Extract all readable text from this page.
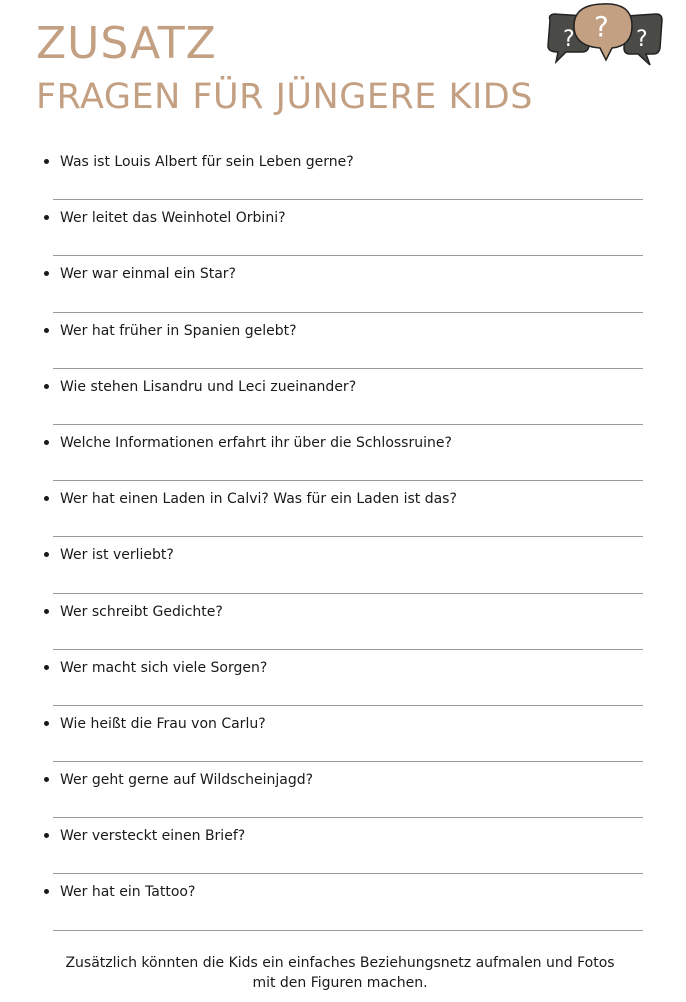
ZUSATZ
FRAGEN FÜR JÜNGERE KIDS
? ? ?
Was ist Louis Albert für sein Leben gerne?
Wer leitet das Weinhotel Orbini?
Wer war einmal ein Star?
Wer hat früher in Spanien gelebt?
Wie stehen Lisandru und Leci zueinander?
Welche Informationen erfahrt ihr über die Schlossruine?
Wer hat einen Laden in Calvi? Was für ein Laden ist das?
Wer ist verliebt?
Wer schreibt Gedichte?
Wer macht sich viele Sorgen?
Wie heißt die Frau von Carlu?
Wer geht gerne auf Wildscheinjagd?
Wer versteckt einen Brief?
Wer hat ein Tattoo?

Zusätzlich könnten die Kids ein einfaches Beziehungsnetz aufmalen und Fotos
mit den Figuren machen.
